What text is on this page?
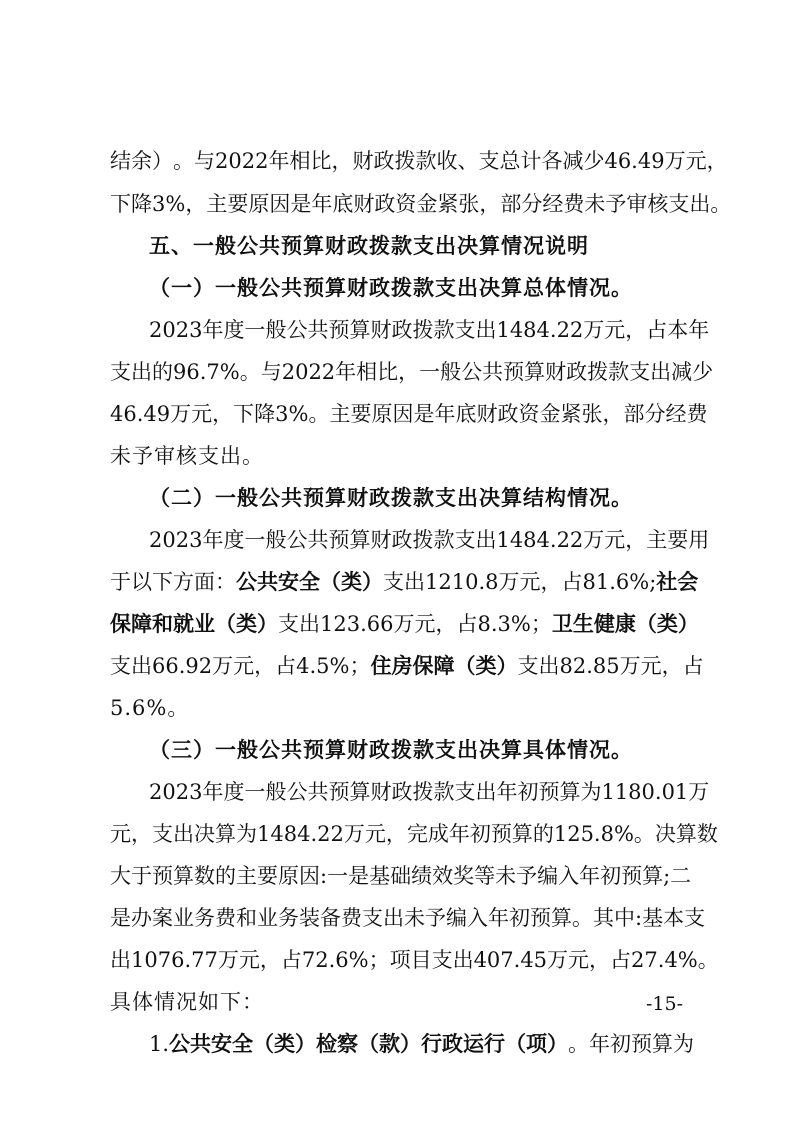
结 余 ） 。 与 2022 年 相 比 ， 财 政 拨 款 收 、 支 总 计 各 减 少 46.49 万 元 ，
下 降 3% ， 主 要 原 因 是 年 底 财 政 资 金 紧 张 ， 部 分 经 费 未 予 审 核 支 出 。
五、一般公共预算财政拨款支出决算情况说明
（一）一般公共预算财政拨款支出决算总体情况。
2023 年 度 一 般 公 共 预 算 财 政 拨 款 支 出 1484.22 万 元 ， 占 本 年
支 出 的 96.7% 。 与 2022 年 相 比 ， 一 般 公 共 预 算 财 政 拨 款 支 出 减 少
46.49 万 元 ， 下 降 3% 。 主 要 原 因 是 年 底 财 政 资 金 紧 张 ， 部 分 经 费
未予审核支出。
（二）一般公共预算财政拨款支出决算结构情况。
2023 年 度 一 般 公 共 预 算 财 政 拨 款 支 出 1484.22 万 元 ， 主 要 用
于 以 下 方 面 ： 公 共 安 全 （ 类 ） 支 出 1210.8 万 元 ， 占 81.6% ; 社 会
保 障 和 就 业 （ 类 ） 支 出 123.66 万 元 ， 占 8.3% ； 卫 生 健 康 （ 类 ）
支 出 66.92 万 元 ， 占 4.5% ； 住 房 保 障 （ 类 ） 支 出 82.85 万 元 ， 占
5.6%。
（三）一般公共预算财政拨款支出决算具体情况。
2023 年 度 一 般 公 共 预 算 财 政 拨 款 支 出 年 初 预 算 为 1180.01 万
元 ， 支 出 决 算 为 1484.22 万 元 ， 完 成 年 初 预 算 的 125.8% 。 决 算 数
大 于 预 算 数 的 主 要 原 因 : 一 是 基 础 绩 效 奖 等 未 予 编 入 年 初 预 算 ; 二
是 办 案 业 务 费 和 业 务 装 备 费 支 出 未 予 编 入 年 初 预 算 。 其 中 : 基 本 支
出 1076.77 万 元 ， 占 72.6% ； 项 目 支 出 407.45 万 元 ， 占 27.4% 。
具体情况如下：
1. 公 共 安 全 （ 类 ） 检 察 （ 款 ） 行 政 运 行 （ 项 ） 。 年 初 预 算 为
-15-
